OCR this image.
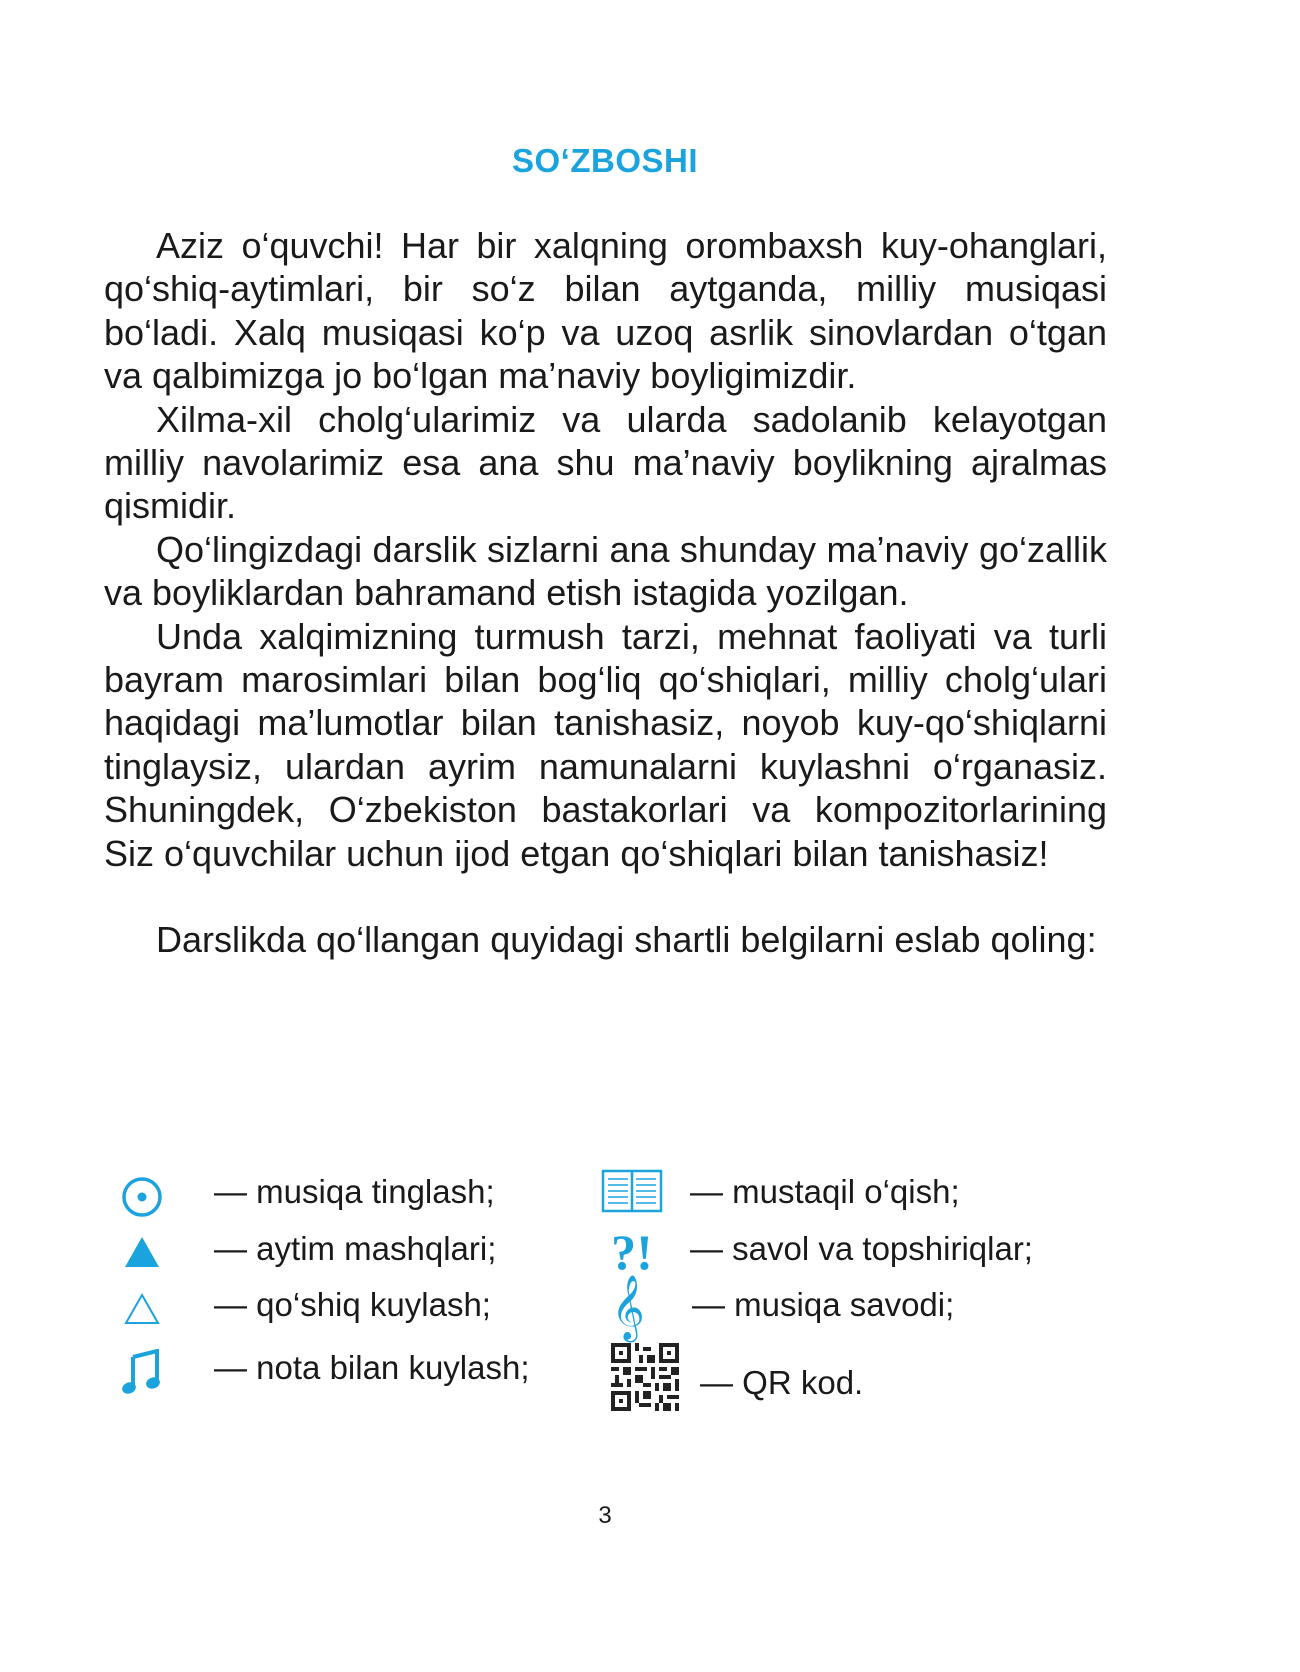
SO‘ZBOSHI

Aziz o‘quvchi! Har bir xalqning orombaxsh kuy-ohanglari, qo‘shiq-aytimlari, bir so‘z bilan aytganda, milliy musiqasi bo‘ladi. Xalq musiqasi ko‘p va uzoq asrlik sinovlardan o‘tgan va qalbimizga jo bo‘lgan ma’naviy boyligimizdir.

Xilma-xil cholg‘ularimiz va ularda sadolanib kelayotgan milliy navolarimiz esa ana shu ma’naviy boylikning ajralmas qismidir.

Qo‘lingizdagi darslik sizlarni ana shunday ma’naviy go‘zallik va boyliklardan bahramand etish istagida yozilgan.

Unda xalqimizning turmush tarzi, mehnat faoliyati va turli bayram marosimlari bilan bog‘liq qo‘shiqlari, milliy cholg‘ulari haqidagi ma’lumotlar bilan tanishasiz, noyob kuy-qo‘shiqlarni tinglaysiz, ulardan ayrim namunalarni kuylashni o‘rganasiz. Shuningdek, O‘zbekiston bastakorlari va kompozitorlarining Siz o‘quvchilar uchun ijod etgan qo‘shiqlari bilan tanishasiz!

Darslikda qo‘llangan quyidagi shartli belgilarni eslab qoling:

— musiqa tinglash;
— aytim mashqlari;
— qo‘shiq kuylash;
— nota bilan kuylash;
— mustaqil o‘qish;
?!	— savol va topshiriqlar;
𝄞 — musiqa savodi;
— QR kod.
3
